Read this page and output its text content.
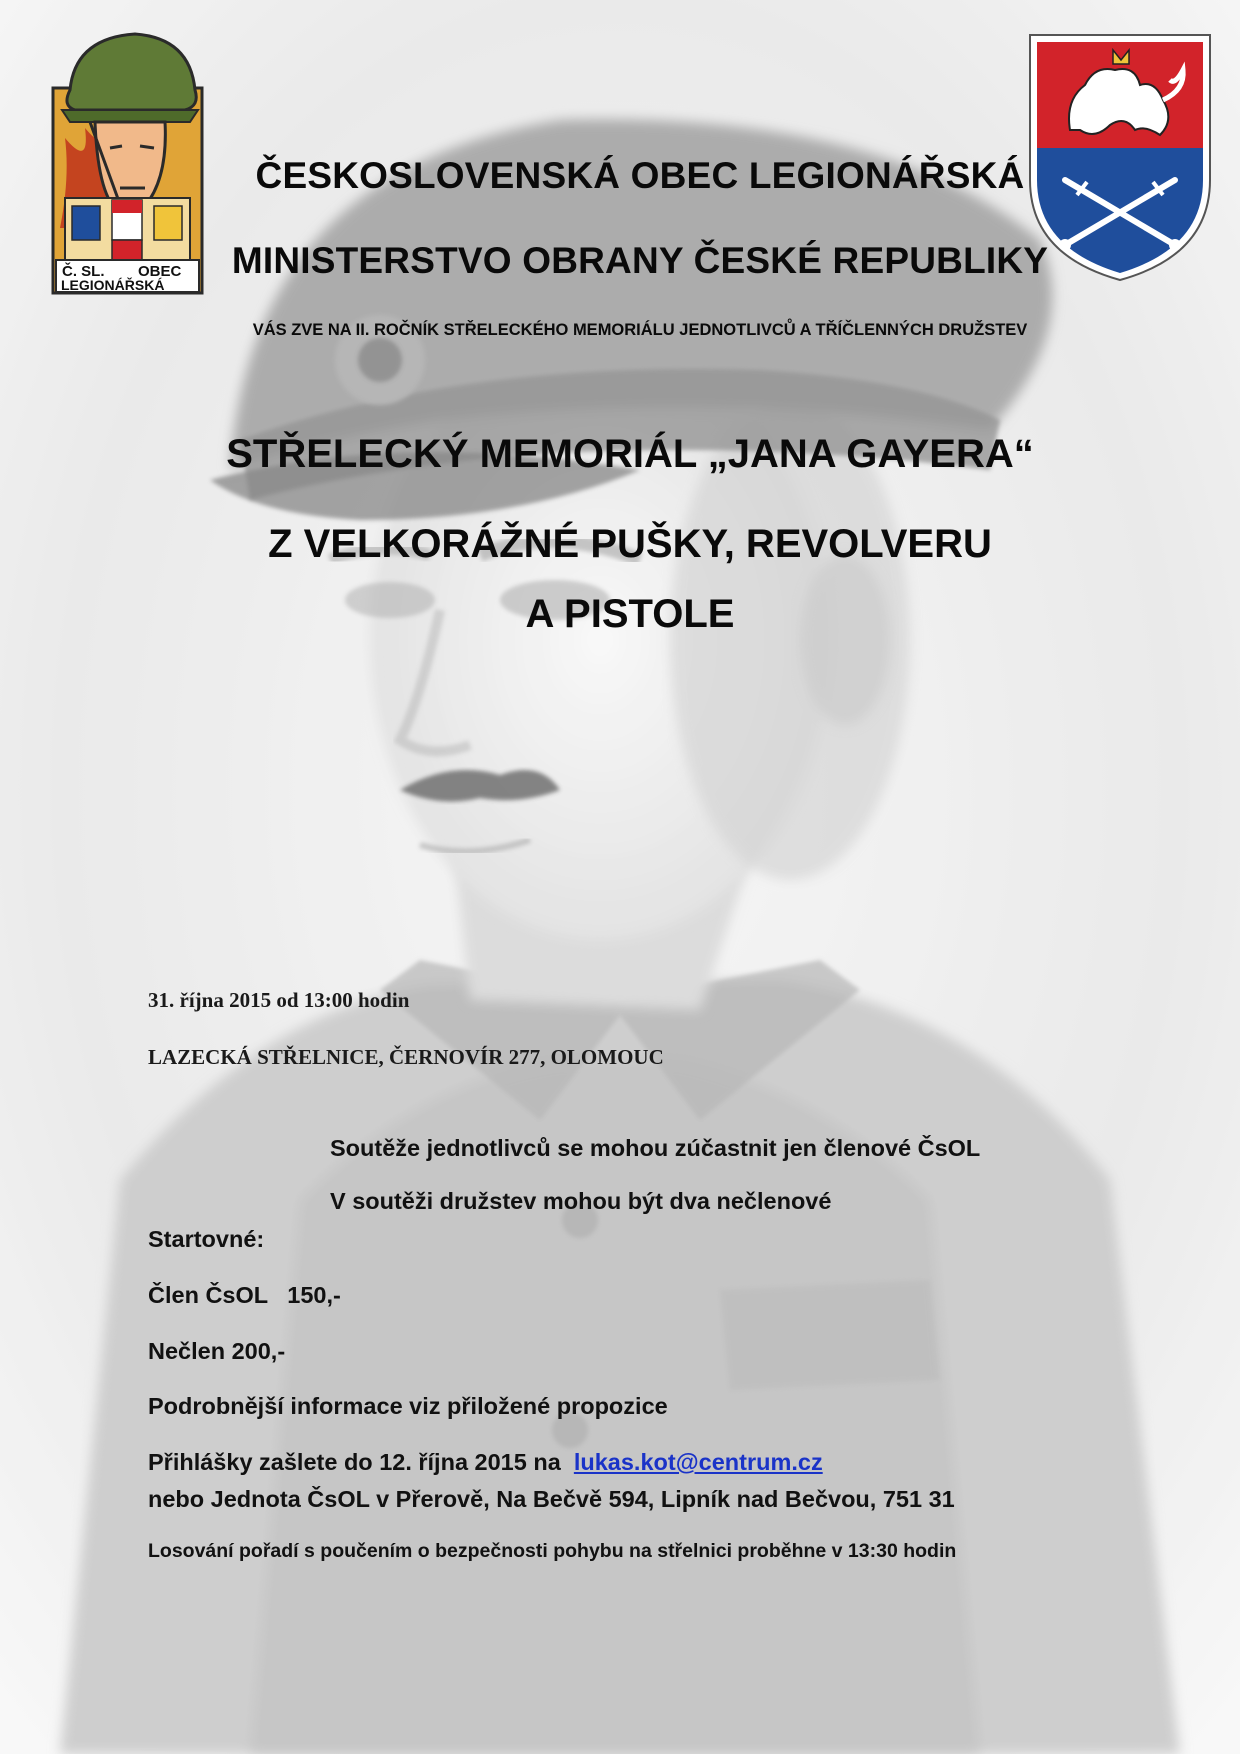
Č. SL. OBEC
LEGIONÁŘSKÁ
ČESKOSLOVENSKÁ OBEC LEGIONÁŘSKÁ
MINISTERSTVO OBRANY ČESKÉ REPUBLIKY
VÁS ZVE NA II. ROČNÍK STŘELECKÉHO MEMORIÁLU JEDNOTLIVCŮ A TŘÍČLENNÝCH DRUŽSTEV
STŘELECKÝ MEMORIÁL „JANA GAYERA“
Z VELKORÁŽNÉ PUŠKY, REVOLVERU
A PISTOLE
31. října 2015 od 13:00 hodin
LAZECKÁ STŘELNICE, ČERNOVÍR 277, OLOMOUC
Soutěže jednotlivců se mohou zúčastnit jen členové ČsOL
V soutěži družstev mohou být dva nečlenové
Startovné:
Člen ČsOL   150,-
Nečlen 200,-
Podrobnější informace viz přiložené propozice
Přihlášky zašlete do 12. října 2015 na  lukas.kot@centrum.cz
nebo Jednota ČsOL v Přerově, Na Bečvě 594, Lipník nad Bečvou, 751 31
Losování pořadí s poučením o bezpečnosti pohybu na střelnici proběhne v 13:30 hodin
